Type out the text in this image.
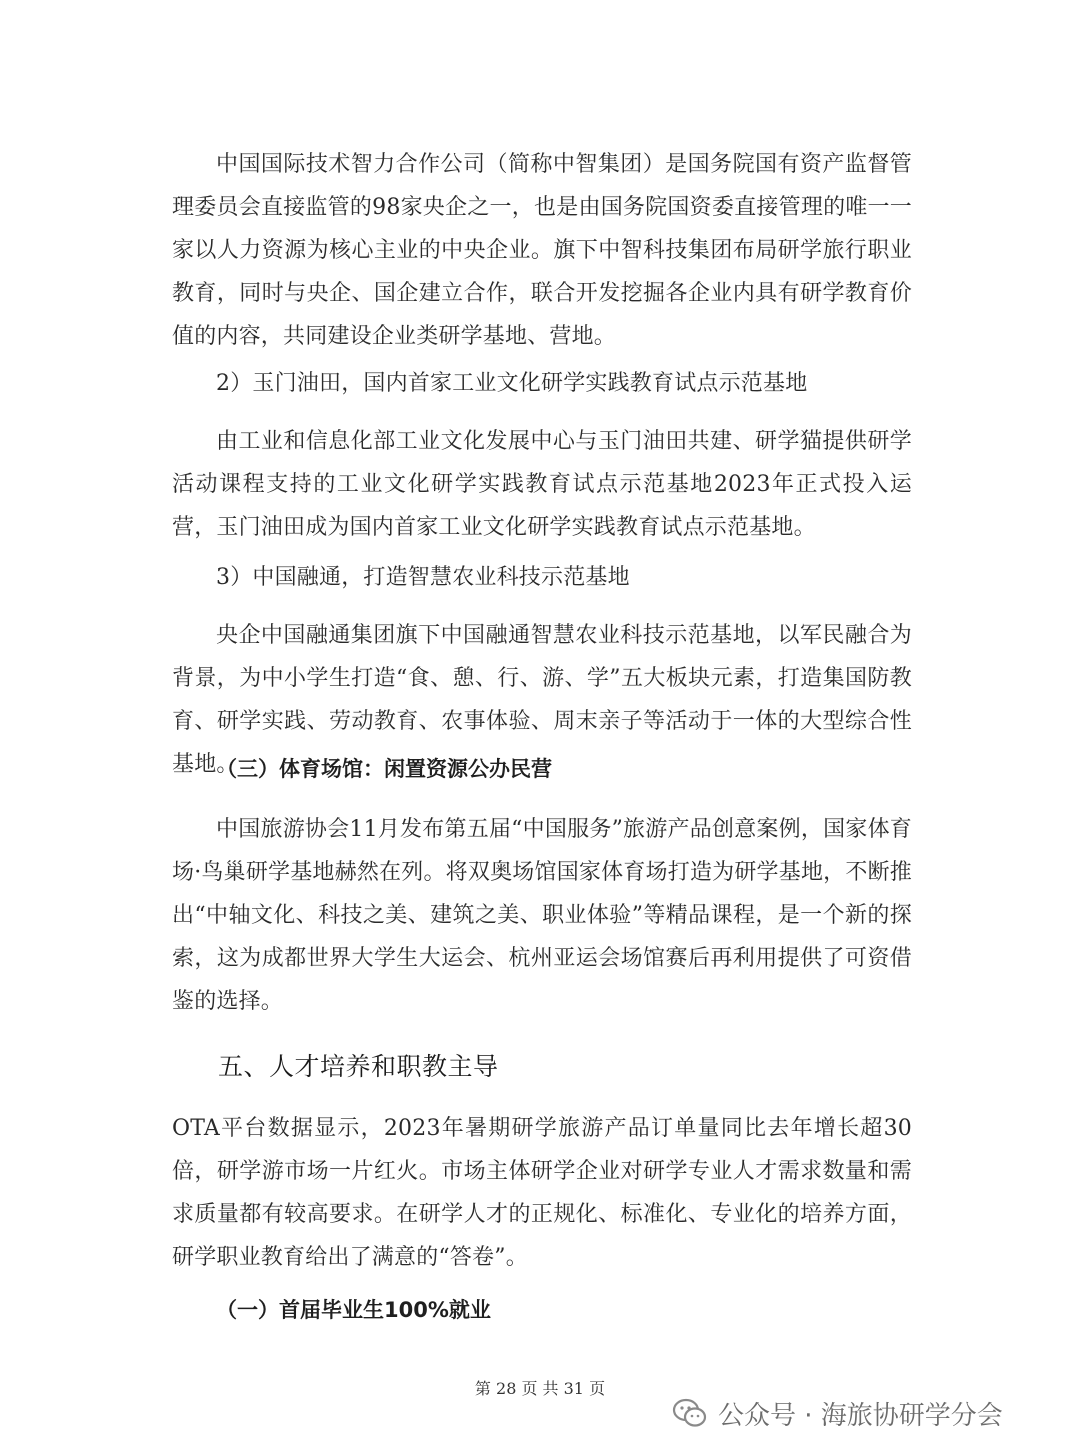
中国国际技术智力合作公司（简称中智集团）是国务院国有资产监督管理委员会直接监管的98家央企之一，也是由国务院国资委直接管理的唯一一家以人力资源为核心主业的中央企业。旗下中智科技集团布局研学旅行职业教育，同时与央企、国企建立合作，联合开发挖掘各企业内具有研学教育价值的内容，共同建设企业类研学基地、营地。

2）玉门油田，国内首家工业文化研学实践教育试点示范基地

由工业和信息化部工业文化发展中心与玉门油田共建、研学猫提供研学活动课程支持的工业文化研学实践教育试点示范基地2023年正式投入运营，玉门油田成为国内首家工业文化研学实践教育试点示范基地。

3）中国融通，打造智慧农业科技示范基地

央企中国融通集团旗下中国融通智慧农业科技示范基地，以军民融合为背景，为中小学生打造“食、憩、行、游、学”五大板块元素，打造集国防教育、研学实践、劳动教育、农事体验、周末亲子等活动于一体的大型综合性基地。

（三）体育场馆：闲置资源公办民营

中国旅游协会11月发布第五届“中国服务”旅游产品创意案例，国家体育场·鸟巢研学基地赫然在列。将双奥场馆国家体育场打造为研学基地，不断推出“中轴文化、科技之美、建筑之美、职业体验”等精品课程，是一个新的探索，这为成都世界大学生大运会、杭州亚运会场馆赛后再利用提供了可资借鉴的选择。

五、人才培养和职教主导

OTA平台数据显示，2023年暑期研学旅游产品订单量同比去年增长超30倍，研学游市场一片红火。市场主体研学企业对研学专业人才需求数量和需求质量都有较高要求。在研学人才的正规化、标准化、专业化的培养方面，研学职业教育给出了满意的“答卷”。

（一）首届毕业生100%就业

第 28 页 共 31 页
公众号 · 海旅协研学分会
